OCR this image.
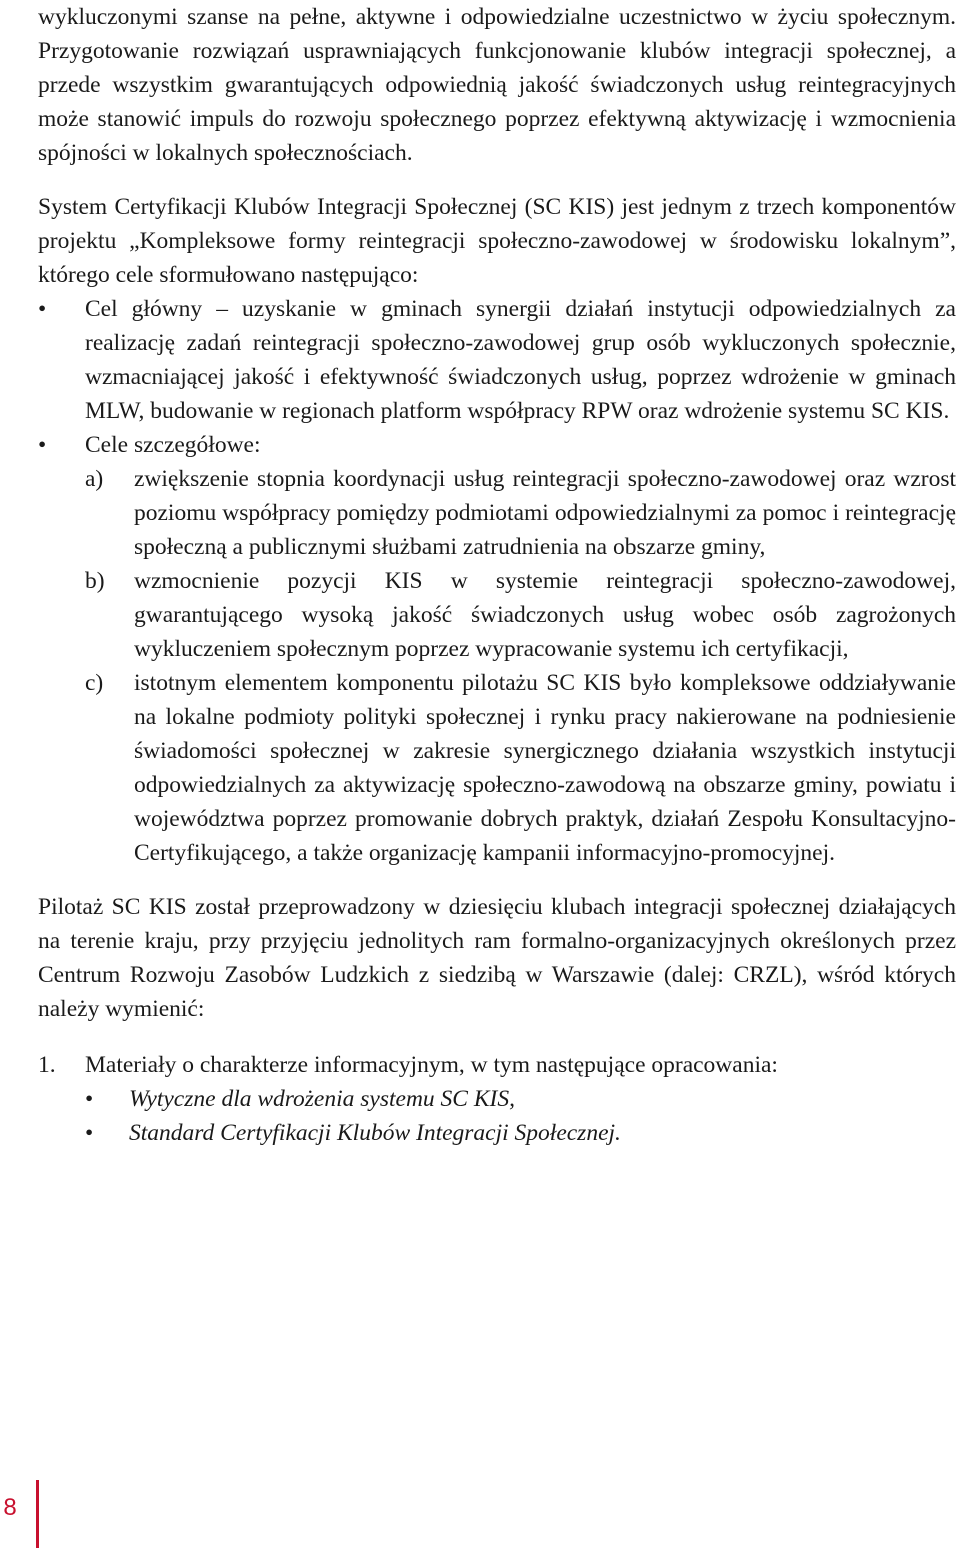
wykluczonymi szanse na pełne, aktywne i odpowiedzialne uczestnictwo w życiu społecznym. Przygotowanie rozwiązań usprawniających funkcjonowanie klubów integracji społecznej, a przede wszystkim gwarantujących odpowiednią jakość świadczonych usług reintegracyjnych może stanowić impuls do rozwoju społecznego poprzez efektywną aktywizację i wzmocnienia spójności w lokalnych społecznościach.

System Certyfikacji Klubów Integracji Społecznej (SC KIS) jest jednym z trzech komponentów projektu „Kompleksowe formy reintegracji społeczno-zawodowej w środowisku lokalnym”, którego cele sformułowano następująco:

•	Cel główny – uzyskanie w gminach synergii działań instytucji odpowiedzialnych za realizację zadań reintegracji społeczno-zawodowej grup osób wykluczonych społecznie, wzmacniającej jakość i efektywność świadczonych usług, poprzez wdrożenie w gminach MLW, budowanie w regionach platform współpracy RPW oraz wdrożenie systemu SC KIS.
•	Cele szczegółowe:
a) zwiększenie stopnia koordynacji usług reintegracji społeczno-zawodowej oraz wzrost poziomu współpracy pomiędzy podmiotami odpowiedzialnymi za pomoc i reintegrację społeczną a publicznymi służbami zatrudnienia na obszarze gminy,
b) wzmocnienie pozycji KIS w systemie reintegracji społeczno-zawodowej, gwarantującego wysoką jakość świadczonych usług wobec osób zagrożonych wykluczeniem społecznym poprzez wypracowanie systemu ich certyfikacji,
c) istotnym elementem komponentu pilotażu SC KIS było kompleksowe oddziaływanie na lokalne podmioty polityki społecznej i rynku pracy nakierowane na podniesienie świadomości społecznej w zakresie synergicznego działania wszystkich instytucji odpowiedzialnych za aktywizację społeczno-zawodową na obszarze gminy, powiatu i województwa poprzez promowanie dobrych praktyk, działań Zespołu Konsultacyjno-Certyfikującego, a także organizację kampanii informacyjno-promocyjnej.

Pilotaż SC KIS został przeprowadzony w dziesięciu klubach integracji społecznej działających na terenie kraju, przy przyjęciu jednolitych ram formalno-organizacyjnych określonych przez Centrum Rozwoju Zasobów Ludzkich z siedzibą w Warszawie (dalej: CRZL), wśród których należy wymienić:

1. Materiały o charakterze informacyjnym, w tym następujące opracowania:
• Wytyczne dla wdrożenia systemu SC KIS,
• Standard Certyfikacji Klubów Integracji Społecznej.
8
